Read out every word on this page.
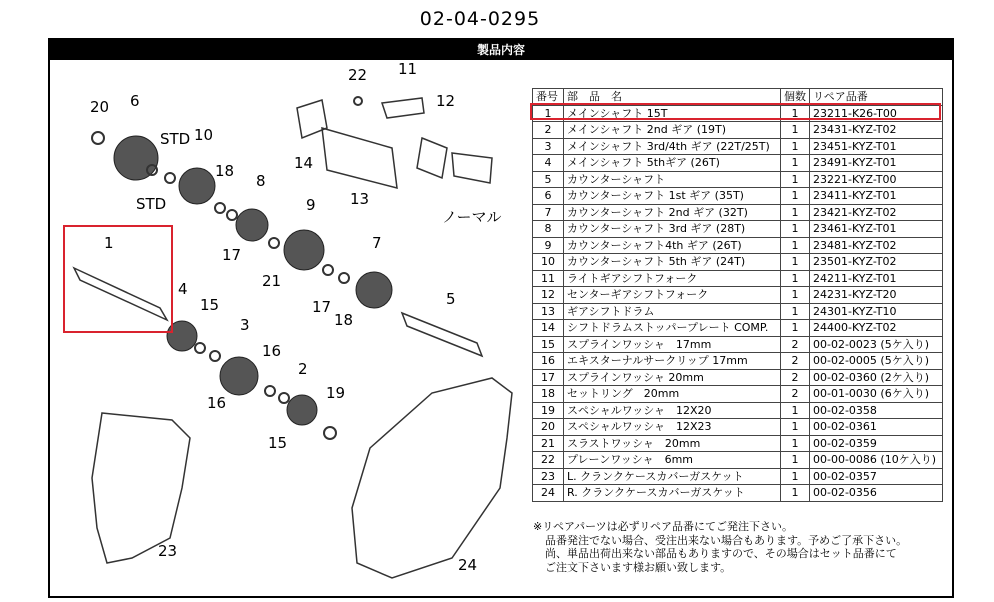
02-04-0295
製品内容
20 6
STD 10
STD
18
8
17
9
21
7
17
18
1
4
15
3
16
16
2
19
15
5
22 11
12
14
13
ノーマル
23
24
番号	部　品　名	個数	リペア品番
1	メインシャフト 15T	1	23211-K26-T00
2	メインシャフト 2nd ギア (19T)	1	23431-KYZ-T02
3	メインシャフト 3rd/4th ギア (22T/25T)	1	23451-KYZ-T01
4	メインシャフト 5thギア (26T)	1	23491-KYZ-T01
5	カウンターシャフト	1	23221-KYZ-T00
6	カウンターシャフト 1st ギア (35T)	1	23411-KYZ-T01
7	カウンターシャフト 2nd ギア (32T)	1	23421-KYZ-T02
8	カウンターシャフト 3rd ギア (28T)	1	23461-KYZ-T01
9	カウンターシャフト4th ギア (26T)	1	23481-KYZ-T02
10	カウンターシャフト 5th ギア (24T)	1	23501-KYZ-T02
11	ライトギアシフトフォーク	1	24211-KYZ-T01
12	センターギアシフトフォーク	1	24231-KYZ-T20
13	ギアシフトドラム	1	24301-KYZ-T10
14	シフトドラムストッパープレート COMP.	1	24400-KYZ-T02
15	スプラインワッシャ　17mm	2	00-02-0023 (5ケ入り)
16	エキスターナルサークリップ 17mm	2	00-02-0005 (5ケ入り)
17	スプラインワッシャ 20mm	2	00-02-0360 (2ケ入り)
18	セットリング　20mm	2	00-01-0030 (6ケ入り)
19	スペシャルワッシャ　12X20	1	00-02-0358
20	スペシャルワッシャ　12X23	1	00-02-0361
21	スラストワッシャ　20mm	1	00-02-0359
22	プレーンワッシャ　6mm	1	00-00-0086 (10ケ入り)
23	L. クランクケースカバーガスケット	1	00-02-0357
24	R. クランクケースカバーガスケット	1	00-02-0356
※リペアパーツは必ずリペア品番にてご発注下さい。
品番発注でない場合、受注出来ない場合もあります。予めご了承下さい。
尚、単品出荷出来ない部品もありますので、その場合はセット品番にて
ご注文下さいます様お願い致します。
